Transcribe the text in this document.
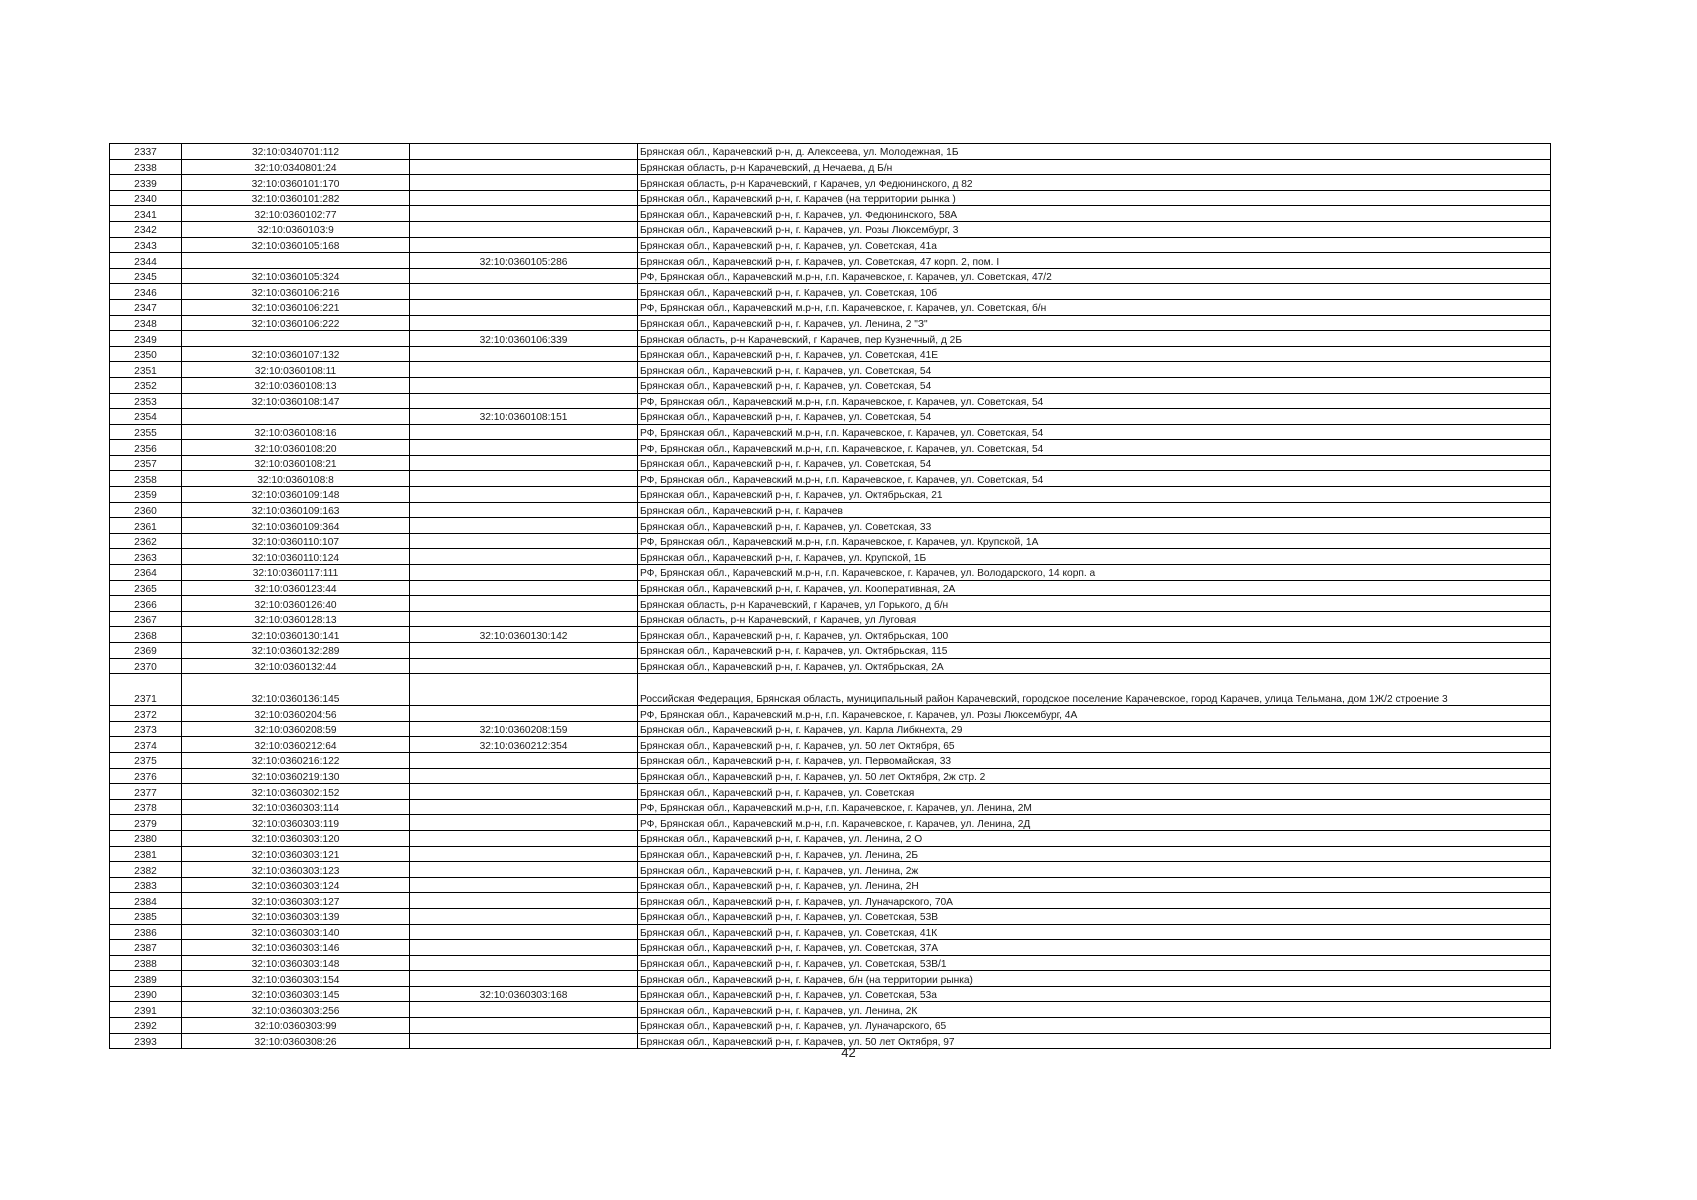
2337	32:10:0340701:112		Брянская обл., Карачевский р-н, д. Алексеева, ул. Молодежная, 1Б
2338	32:10:0340801:24		Брянская область, р-н Карачевский, д Нечаева, д Б/н
2339	32:10:0360101:170		Брянская область, р-н Карачевский, г Карачев, ул Федюнинского, д 82
2340	32:10:0360101:282		Брянская обл., Карачевский р-н, г. Карачев (на территории рынка )
2341	32:10:0360102:77		Брянская обл., Карачевский р-н, г. Карачев, ул. Федюнинского, 58А
2342	32:10:0360103:9		Брянская обл., Карачевский р-н, г. Карачев, ул. Розы Люксембург, 3
2343	32:10:0360105:168		Брянская обл., Карачевский р-н, г. Карачев, ул. Советская, 41а
2344		32:10:0360105:286	Брянская обл., Карачевский р-н, г. Карачев, ул. Советская, 47 корп. 2, пом. I
2345	32:10:0360105:324		РФ, Брянская обл., Карачевский м.р-н, г.п. Карачевское, г. Карачев, ул. Советская, 47/2
2346	32:10:0360106:216		Брянская обл., Карачевский р-н, г. Карачев, ул. Советская, 10б
2347	32:10:0360106:221		РФ, Брянская обл., Карачевский м.р-н, г.п. Карачевское, г. Карачев, ул. Советская, б/н
2348	32:10:0360106:222		Брянская обл., Карачевский р-н, г. Карачев, ул. Ленина, 2 "З"
2349		32:10:0360106:339	Брянская область, р-н Карачевский, г Карачев, пер Кузнечный, д 2Б
2350	32:10:0360107:132		Брянская обл., Карачевский р-н, г. Карачев, ул. Советская, 41Е
2351	32:10:0360108:11		Брянская обл., Карачевский р-н, г. Карачев, ул. Советская, 54
2352	32:10:0360108:13		Брянская обл., Карачевский р-н, г. Карачев, ул. Советская, 54
2353	32:10:0360108:147		РФ, Брянская обл., Карачевский м.р-н, г.п. Карачевское, г. Карачев, ул. Советская, 54
2354		32:10:0360108:151	Брянская обл., Карачевский р-н, г. Карачев, ул. Советская, 54
2355	32:10:0360108:16		РФ, Брянская обл., Карачевский м.р-н, г.п. Карачевское, г. Карачев, ул. Советская, 54
2356	32:10:0360108:20		РФ, Брянская обл., Карачевский м.р-н, г.п. Карачевское, г. Карачев, ул. Советская, 54
2357	32:10:0360108:21		Брянская обл., Карачевский р-н, г. Карачев, ул. Советская, 54
2358	32:10:0360108:8		РФ, Брянская обл., Карачевский м.р-н, г.п. Карачевское, г. Карачев, ул. Советская, 54
2359	32:10:0360109:148		Брянская обл., Карачевский р-н, г. Карачев, ул. Октябрьская, 21
2360	32:10:0360109:163		Брянская обл., Карачевский р-н, г. Карачев
2361	32:10:0360109:364		Брянская обл., Карачевский р-н, г. Карачев, ул. Советская, 33
2362	32:10:0360110:107		РФ, Брянская обл., Карачевский м.р-н, г.п. Карачевское, г. Карачев, ул. Крупской, 1А
2363	32:10:0360110:124		Брянская обл., Карачевский р-н, г. Карачев, ул. Крупской, 1Б
2364	32:10:0360117:111		РФ, Брянская обл., Карачевский м.р-н, г.п. Карачевское, г. Карачев, ул. Володарского, 14 корп. а
2365	32:10:0360123:44		Брянская обл., Карачевский р-н, г. Карачев, ул. Кооперативная, 2А
2366	32:10:0360126:40		Брянская область, р-н Карачевский, г Карачев, ул Горького, д б/н
2367	32:10:0360128:13		Брянская область, р-н Карачевский, г Карачев, ул Луговая
2368	32:10:0360130:141	32:10:0360130:142	Брянская обл., Карачевский р-н, г. Карачев, ул. Октябрьская, 100
2369	32:10:0360132:289		Брянская обл., Карачевский р-н, г. Карачев, ул. Октябрьская, 115
2370	32:10:0360132:44		Брянская обл., Карачевский р-н, г. Карачев, ул. Октябрьская, 2А
2371	32:10:0360136:145		Российская Федерация, Брянская область, муниципальный район Карачевский, городское поселение Карачевское, город Карачев, улица Тельмана, дом 1Ж/2 строение 3
2372	32:10:0360204:56		РФ, Брянская обл., Карачевский м.р-н, г.п. Карачевское, г. Карачев, ул. Розы Люксембург, 4А
2373	32:10:0360208:59	32:10:0360208:159	Брянская обл., Карачевский р-н, г. Карачев, ул. Карла Либкнехта, 29
2374	32:10:0360212:64	32:10:0360212:354	Брянская обл., Карачевский р-н, г. Карачев, ул. 50 лет Октября, 65
2375	32:10:0360216:122		Брянская обл., Карачевский р-н, г. Карачев, ул. Первомайская, 33
2376	32:10:0360219:130		Брянская обл., Карачевский р-н, г. Карачев, ул. 50 лет Октября, 2ж стр. 2
2377	32:10:0360302:152		Брянская обл., Карачевский р-н, г. Карачев, ул. Советская
2378	32:10:0360303:114		РФ, Брянская обл., Карачевский м.р-н, г.п. Карачевское, г. Карачев, ул. Ленина, 2М
2379	32:10:0360303:119		РФ, Брянская обл., Карачевский м.р-н, г.п. Карачевское, г. Карачев, ул. Ленина, 2Д
2380	32:10:0360303:120		Брянская обл., Карачевский р-н, г. Карачев, ул. Ленина, 2 О
2381	32:10:0360303:121		Брянская обл., Карачевский р-н, г. Карачев, ул. Ленина, 2Б
2382	32:10:0360303:123		Брянская обл., Карачевский р-н, г. Карачев, ул. Ленина, 2ж
2383	32:10:0360303:124		Брянская обл., Карачевский р-н, г. Карачев, ул. Ленина, 2Н
2384	32:10:0360303:127		Брянская обл., Карачевский р-н, г. Карачев, ул. Луначарского, 70А
2385	32:10:0360303:139		Брянская обл., Карачевский р-н, г. Карачев, ул. Советская, 53В
2386	32:10:0360303:140		Брянская обл., Карачевский р-н, г. Карачев, ул. Советская, 41К
2387	32:10:0360303:146		Брянская обл., Карачевский р-н, г. Карачев, ул. Советская, 37А
2388	32:10:0360303:148		Брянская обл., Карачевский р-н, г. Карачев, ул. Советская, 53В/1
2389	32:10:0360303:154		Брянская обл., Карачевский р-н, г. Карачев, б/н (на территории рынка)
2390	32:10:0360303:145	32:10:0360303:168	Брянская обл., Карачевский р-н, г. Карачев, ул. Советская, 53а
2391	32:10:0360303:256		Брянская обл., Карачевский р-н, г. Карачев, ул. Ленина, 2К
2392	32:10:0360303:99		Брянская обл., Карачевский р-н, г. Карачев, ул. Луначарского, 65
2393	32:10:0360308:26		Брянская обл., Карачевский р-н, г. Карачев, ул. 50 лет Октября, 97
42
